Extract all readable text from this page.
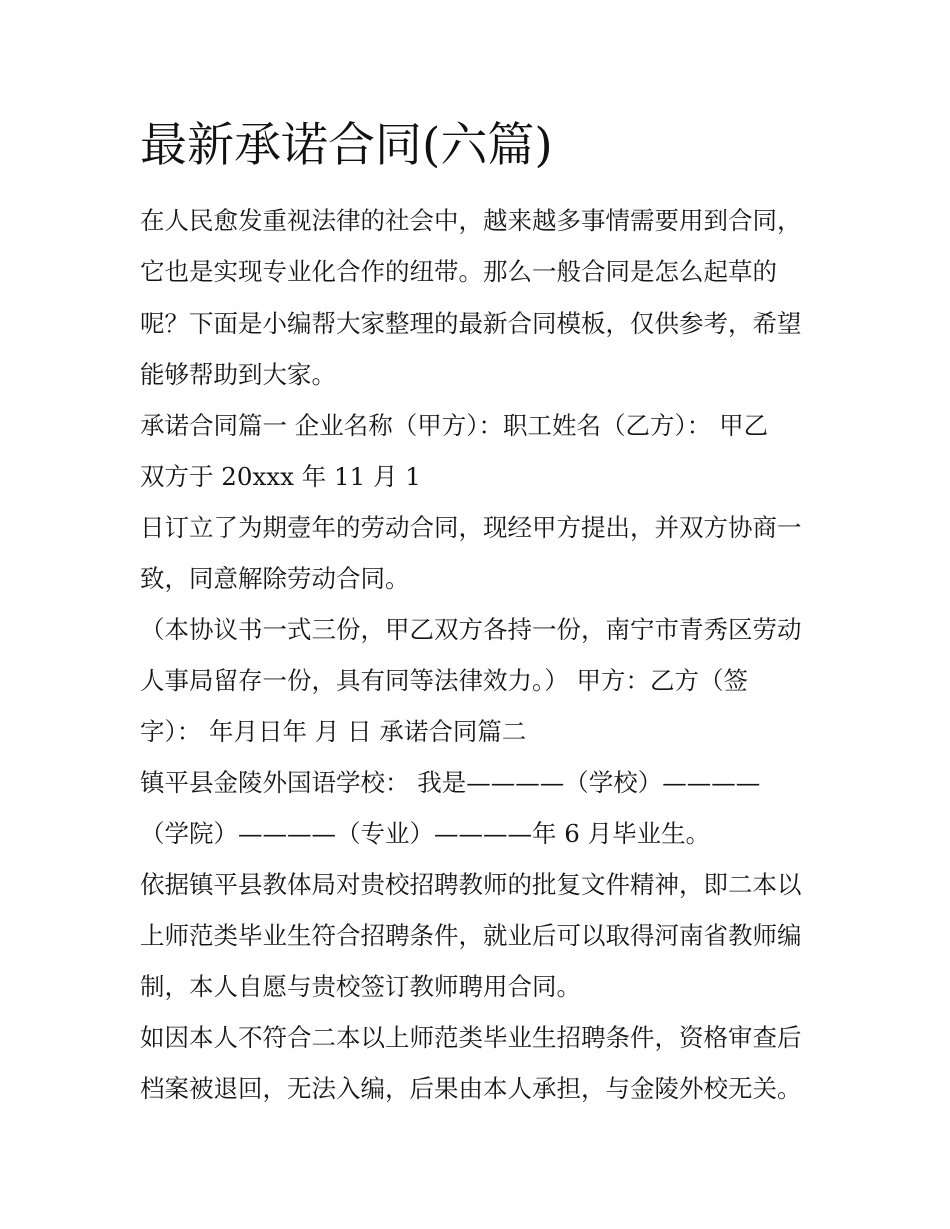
最新承诺合同(六篇)

在人民愈发重视法律的社会中，越来越多事情需要用到合同，

它也是实现专业化合作的纽带。那么一般合同是怎么起草的

呢？下面是小编帮大家整理的最新合同模板，仅供参考，希望

能够帮助到大家。

承诺合同篇一 企业名称（甲方）：职工姓名（乙方）： 甲乙

双方于 20xxx 年 11 月 1

日订立了为期壹年的劳动合同，现经甲方提出，并双方协商一

致，同意解除劳动合同。

（本协议书一式三份，甲乙双方各持一份，南宁市青秀区劳动

人事局留存一份，具有同等法律效力。） 甲方：乙方（签

字）： 年月日年 月 日 承诺合同篇二

镇平县金陵外国语学校： 我是————（学校）————

（学院）————（专业）————年 6 月毕业生。

依据镇平县教体局对贵校招聘教师的批复文件精神，即二本以

上师范类毕业生符合招聘条件，就业后可以取得河南省教师编

制，本人自愿与贵校签订教师聘用合同。

如因本人不符合二本以上师范类毕业生招聘条件，资格审查后

档案被退回，无法入编，后果由本人承担，与金陵外校无关。
